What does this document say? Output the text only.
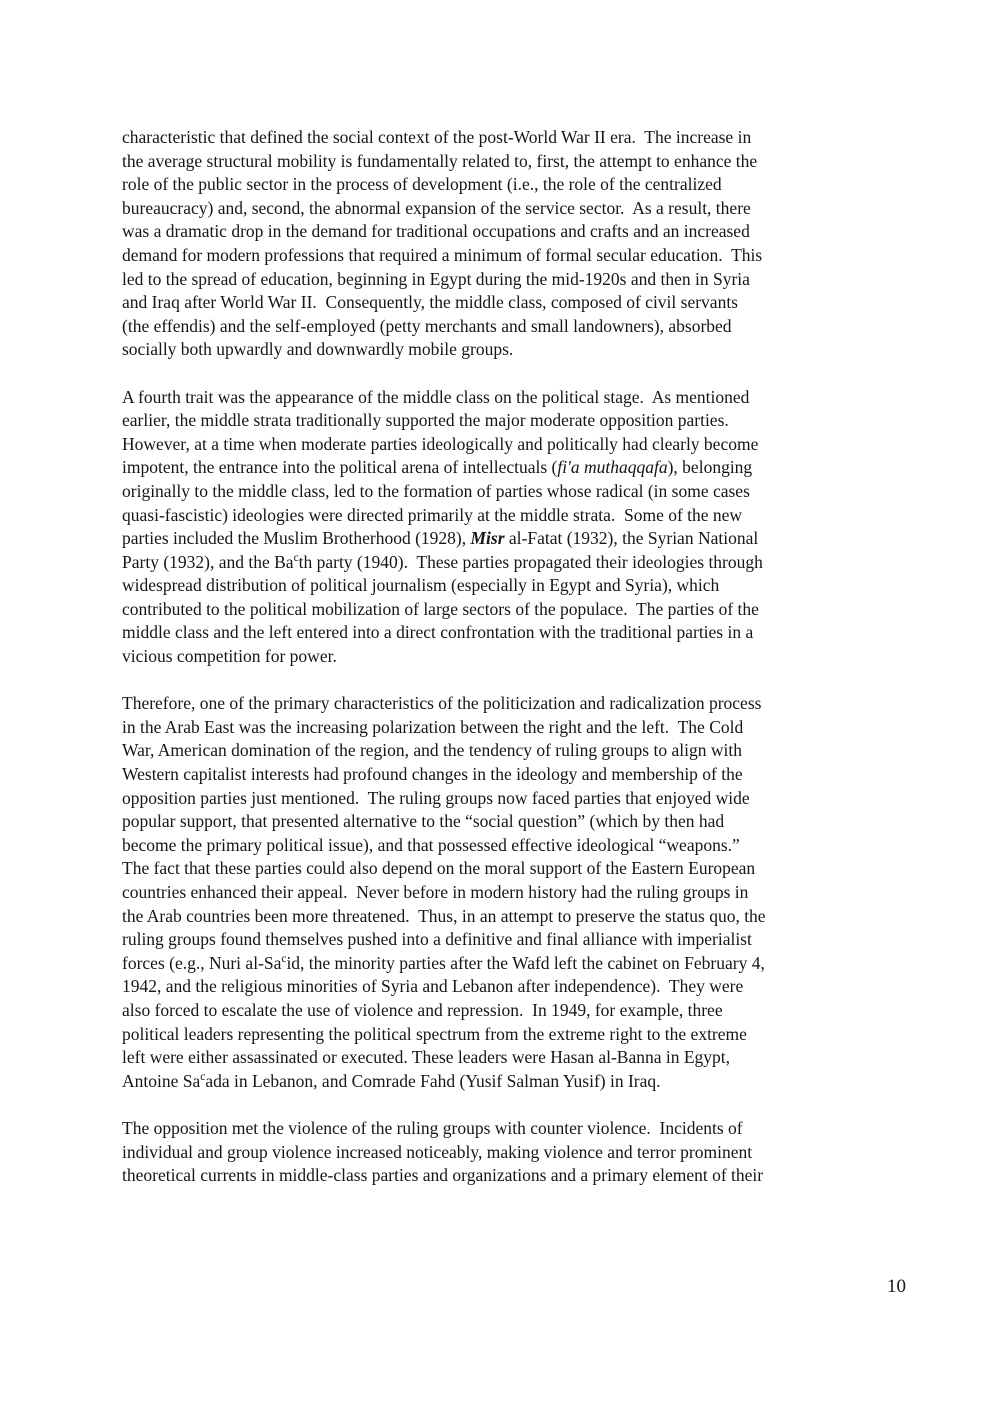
characteristic that defined the social context of the post-World War II era.  The increase in
the average structural mobility is fundamentally related to, first, the attempt to enhance the
role of the public sector in the process of development (i.e., the role of the centralized
bureaucracy) and, second, the abnormal expansion of the service sector.  As a result, there
was a dramatic drop in the demand for traditional occupations and crafts and an increased
demand for modern professions that required a minimum of formal secular education.  This
led to the spread of education, beginning in Egypt during the mid-1920s and then in Syria
and Iraq after World War II.  Consequently, the middle class, composed of civil servants
(the effendis) and the self-employed (petty merchants and small landowners), absorbed
socially both upwardly and downwardly mobile groups.
A fourth trait was the appearance of the middle class on the political stage.  As mentioned
earlier, the middle strata traditionally supported the major moderate opposition parties.
However, at a time when moderate parties ideologically and politically had clearly become
impotent, the entrance into the political arena of intellectuals (fi'a muthaqqafa), belonging
originally to the middle class, led to the formation of parties whose radical (in some cases
quasi-fascistic) ideologies were directed primarily at the middle strata.  Some of the new
parties included the Muslim Brotherhood (1928), Misr al-Fatat (1932), the Syrian National
Party (1932), and the Ba$^c$th party (1940).  These parties propagated their ideologies through
widespread distribution of political journalism (especially in Egypt and Syria), which
contributed to the political mobilization of large sectors of the populace.  The parties of the
middle class and the left entered into a direct confrontation with the traditional parties in a
vicious competition for power.
Therefore, one of the primary characteristics of the politicization and radicalization process
in the Arab East was the increasing polarization between the right and the left.  The Cold
War, American domination of the region, and the tendency of ruling groups to align with
Western capitalist interests had profound changes in the ideology and membership of the
opposition parties just mentioned.  The ruling groups now faced parties that enjoyed wide
popular support, that presented alternative to the “social question” (which by then had
become the primary political issue), and that possessed effective ideological “weapons.”
The fact that these parties could also depend on the moral support of the Eastern European
countries enhanced their appeal.  Never before in modern history had the ruling groups in
the Arab countries been more threatened.  Thus, in an attempt to preserve the status quo, the
ruling groups found themselves pushed into a definitive and final alliance with imperialist
forces (e.g., Nuri al-Sa$^c$id, the minority parties after the Wafd left the cabinet on February 4,
1942, and the religious minorities of Syria and Lebanon after independence).  They were
also forced to escalate the use of violence and repression.  In 1949, for example, three
political leaders representing the political spectrum from the extreme right to the extreme
left were either assassinated or executed. These leaders were Hasan al-Banna in Egypt,
Antoine Sa$^c$ada in Lebanon, and Comrade Fahd (Yusif Salman Yusif) in Iraq.
The opposition met the violence of the ruling groups with counter violence.  Incidents of
individual and group violence increased noticeably, making violence and terror prominent
theoretical currents in middle-class parties and organizations and a primary element of their
10
